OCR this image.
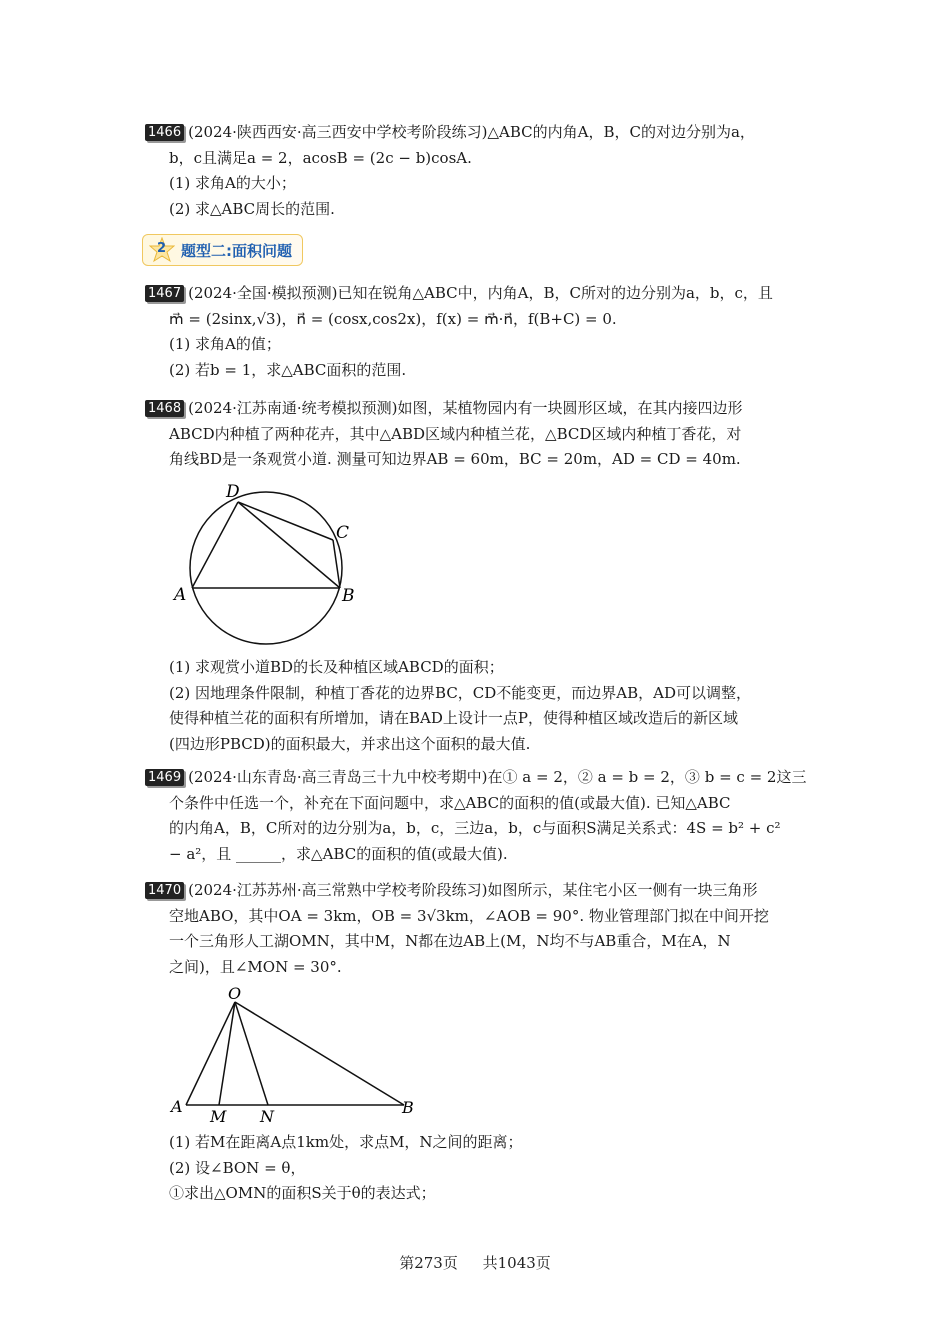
1466 (2024·陕西西安·高三西安中学校考阶段练习)△ABC的内角A，B，C的对边分别为a，
b，c且满足a = 2，acosB = (2c − b)cosA.
(1) 求角A的大小；
(2) 求△ABC周长的范围.
2 题型二:面积问题
1467 (2024·全国·模拟预测)已知在锐角△ABC中，内角A，B，C所对的边分别为a，b，c，且
m⃗ = (2sinx,√3)，n⃗ = (cosx,cos2x)，f(x) = m⃗·n⃗，f(B+C) = 0.
(1) 求角A的值；
(2) 若b = 1，求△ABC面积的范围.
1468 (2024·江苏南通·统考模拟预测)如图，某植物园内有一块圆形区域，在其内接四边形
ABCD内种植了两种花卉，其中△ABD区域内种植兰花，△BCD区域内种植丁香花，对
角线BD是一条观赏小道. 测量可知边界AB = 60m，BC = 20m，AD = CD = 40m.
A	B
C
D
(1) 求观赏小道BD的长及种植区域ABCD的面积；
(2) 因地理条件限制，种植丁香花的边界BC，CD不能变更，而边界AB，AD可以调整，
使得种植兰花的面积有所增加，请在BAD上设计一点P，使得种植区域改造后的新区域
(四边形PBCD)的面积最大，并求出这个面积的最大值.
1469 (2024·山东青岛·高三青岛三十九中校考期中)在① a = 2，② a = b = 2，③ b = c = 2这三
个条件中任选一个，补充在下面问题中，求△ABC的面积的值(或最大值). 已知△ABC
的内角A，B，C所对的边分别为a，b，c，三边a，b，c与面积S满足关系式：4S = b² + c²
− a²，且 ______，求△ABC的面积的值(或最大值).
1470 (2024·江苏苏州·高三常熟中学校考阶段练习)如图所示，某住宅小区一侧有一块三角形
空地ABO，其中OA = 3km，OB = 3√3km，∠AOB = 90°. 物业管理部门拟在中间开挖
一个三角形人工湖OMN，其中M，N都在边AB上(M，N均不与AB重合，M在A，N
之间)，且∠MON = 30°.
O
A
M N	B
(1) 若M在距离A点1km处，求点M，N之间的距离；
(2) 设∠BON = θ，
①求出△OMN的面积S关于θ的表达式；
第273页 共1043页
